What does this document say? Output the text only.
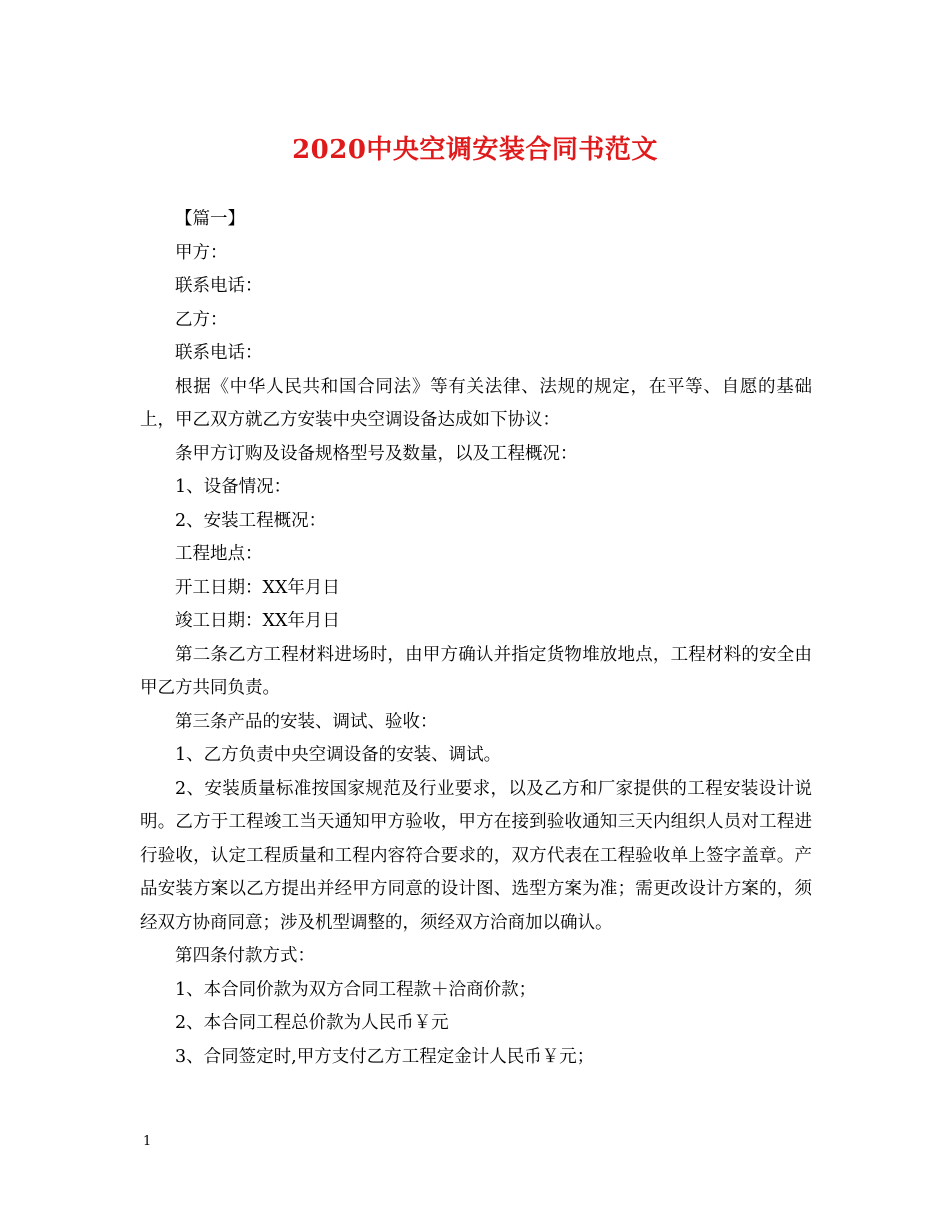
2020中央空调安装合同书范文

【篇一】

甲方：

联系电话：

乙方：

联系电话：

根据《中华人民共和国合同法》等有关法律、法规的规定，在平等、自愿的基础上，甲乙双方就乙方安装中央空调设备达成如下协议：

条甲方订购及设备规格型号及数量，以及工程概况：

1、设备情况：

2、安装工程概况：

工程地点：

开工日期：XX年月日

竣工日期：XX年月日

第二条乙方工程材料进场时，由甲方确认并指定货物堆放地点，工程材料的安全由甲乙方共同负责。

第三条产品的安装、调试、验收：

1、乙方负责中央空调设备的安装、调试。

2、安装质量标准按国家规范及行业要求，以及乙方和厂家提供的工程安装设计说明。乙方于工程竣工当天通知甲方验收，甲方在接到验收通知三天内组织人员对工程进行验收，认定工程质量和工程内容符合要求的，双方代表在工程验收单上签字盖章。产品安装方案以乙方提出并经甲方同意的设计图、选型方案为准；需更改设计方案的，须经双方协商同意；涉及机型调整的，须经双方洽商加以确认。

第四条付款方式：

1、本合同价款为双方合同工程款＋洽商价款；

2、本合同工程总价款为人民币￥元

3、合同签定时,甲方支付乙方工程定金计人民币￥元；

1
